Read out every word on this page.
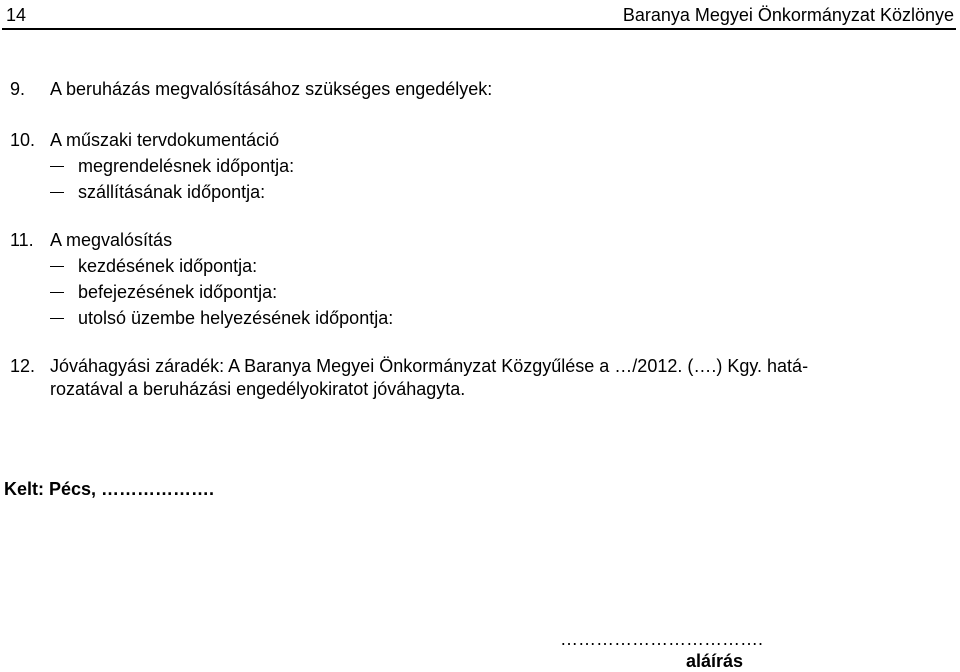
14	Baranya Megyei Önkormányzat Közlönye
9. A beruházás megvalósításához szükséges engedélyek:
10. A műszaki tervdokumentáció
megrendelésnek időpontja:
szállításának időpontja:
11. A megvalósítás
kezdésének időpontja:
befejezésének időpontja:
utolsó üzembe helyezésének időpontja:
12. Jóváhagyási záradék: A Baranya Megyei Önkormányzat Közgyűlése a …/2012. (….) Kgy. hatá-
rozatával a beruházási engedélyokiratot jóváhagyta.
Kelt: Pécs, ……………….
…………………………….
aláírás
